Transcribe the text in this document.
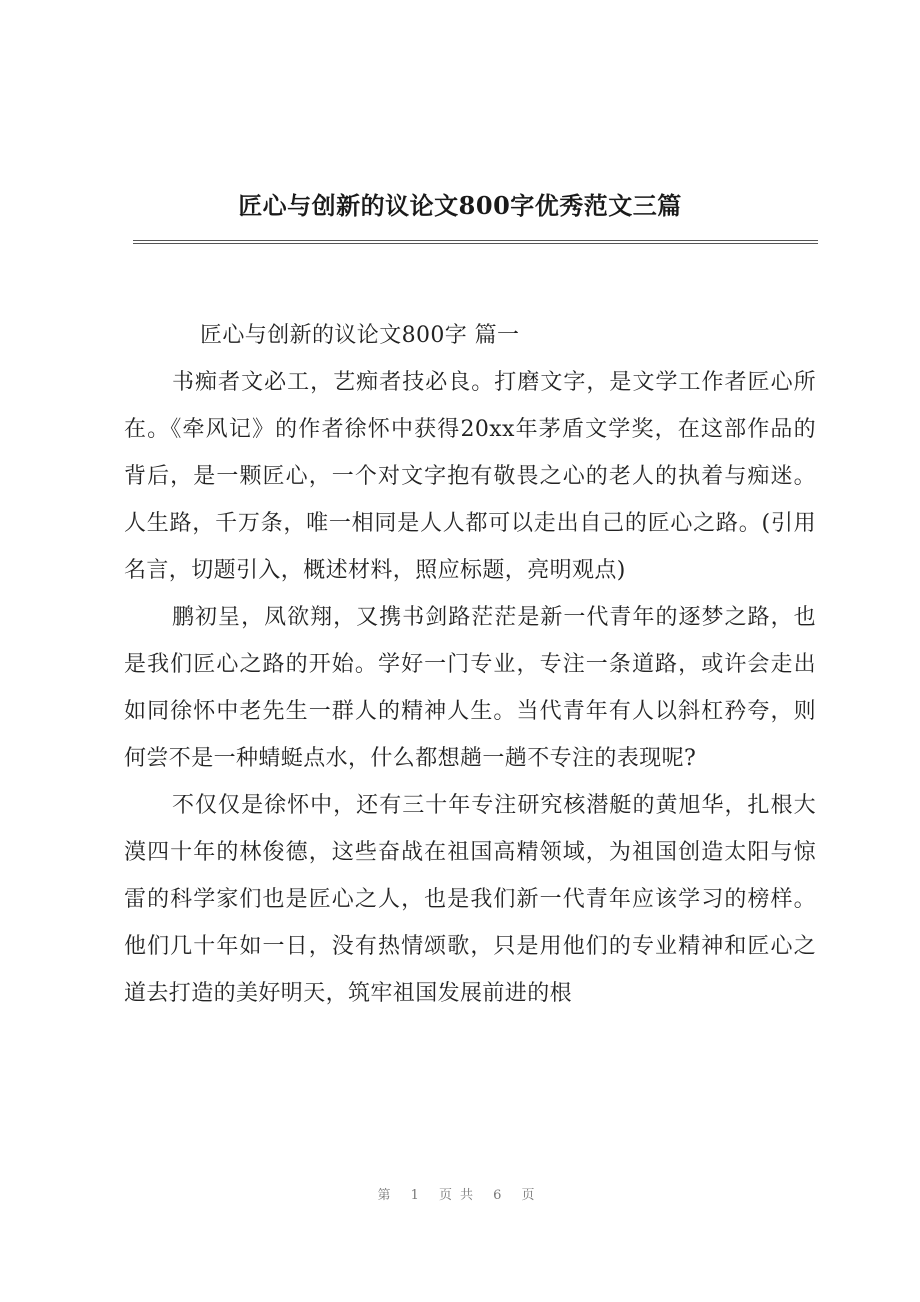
匠心与创新的议论文800字优秀范文三篇

匠心与创新的议论文800字 篇一

书痴者文必工，艺痴者技必良。打磨文字，是文学工作者匠心所在。《牵风记》的作者徐怀中获得20xx年茅盾文学奖，在这部作品的背后，是一颗匠心，一个对文字抱有敬畏之心的老人的执着与痴迷。人生路，千万条，唯一相同是人人都可以走出自己的匠心之路。(引用名言，切题引入，概述材料，照应标题，亮明观点)

鹏初呈，凤欲翔，又携书剑路茫茫是新一代青年的逐梦之路，也是我们匠心之路的开始。学好一门专业，专注一条道路，或许会走出如同徐怀中老先生一群人的精神人生。当代青年有人以斜杠矜夸，则何尝不是一种蜻蜓点水，什么都想趟一趟不专注的表现呢?

不仅仅是徐怀中，还有三十年专注研究核潜艇的黄旭华，扎根大漠四十年的林俊德，这些奋战在祖国高精领域，为祖国创造太阳与惊雷的科学家们也是匠心之人，也是我们新一代青年应该学习的榜样。他们几十年如一日，没有热情颂歌，只是用他们的专业精神和匠心之道去打造的美好明天，筑牢祖国发展前进的根

第 1 页共 6 页
